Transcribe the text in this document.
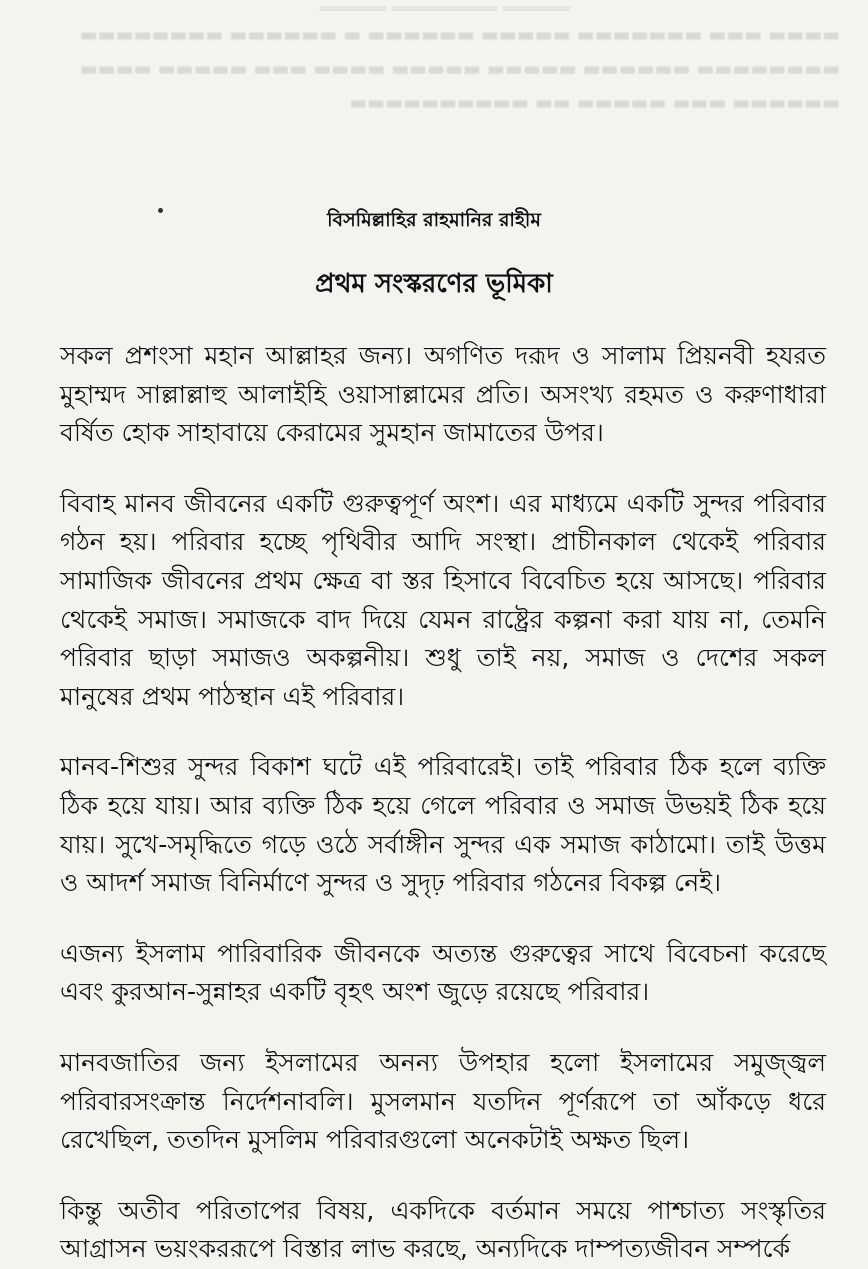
═══════ ═══════════ ═══════
▬▬▬▬ ▬▬▬ ▬▬▬▬▬▬▬ ▬▬▬▬▬ ▬▬▬▬▬▬ ▬ ▬▬▬▬▬▬ ▬▬▬▬▬▬▬▬
▬▬▬▬▬▬▬▬ ▬▬▬▬▬▬ ▬▬▬▬▬ ▬▬▬▬▬ ▬▬▬▬ ▬▬▬ ▬▬▬▬▬ ▬▬▬▬
▬▬▬▬▬▬ ▬▬▬ ▬▬▬▬▬ ▬▬ ▬▬▬▬▬▬▬▬▬▬
বিসমিল্লাহির রাহমানির রাহীম
প্রথম সংস্করণের ভূমিকা

সকল প্রশংসা মহান আল্লাহর জন্য। অগণিত দরূদ ও সালাম প্রিয়নবী হযরত মুহাম্মদ সাল্লাল্লাহু আলাইহি ওয়াসাল্লামের প্রতি। অসংখ্য রহমত ও করুণাধারা বর্ষিত হোক সাহাবায়ে কেরামের সুমহান জামাতের উপর।

বিবাহ মানব জীবনের একটি গুরুত্বপূর্ণ অংশ। এর মাধ্যমে একটি সুন্দর পরিবার গঠন হয়। পরিবার হচ্ছে পৃথিবীর আদি সংস্থা। প্রাচীনকাল থেকেই পরিবার সামাজিক জীবনের প্রথম ক্ষেত্র বা স্তর হিসাবে বিবেচিত হয়ে আসছে। পরিবার থেকেই সমাজ। সমাজকে বাদ দিয়ে যেমন রাষ্ট্রের কল্পনা করা যায় না, তেমনি পরিবার ছাড়া সমাজও অকল্পনীয়। শুধু তাই নয়, সমাজ ও দেশের সকল মানুষের প্রথম পাঠস্থান এই পরিবার।

মানব-শিশুর সুন্দর বিকাশ ঘটে এই পরিবারেই। তাই পরিবার ঠিক হলে ব্যক্তি ঠিক হয়ে যায়। আর ব্যক্তি ঠিক হয়ে গেলে পরিবার ও সমাজ উভয়ই ঠিক হয়ে যায়। সুখে-সমৃদ্ধিতে গড়ে ওঠে সর্বাঙ্গীন সুন্দর এক সমাজ কাঠামো। তাই উত্তম ও আদর্শ সমাজ বিনির্মাণে সুন্দর ও সুদৃঢ় পরিবার গঠনের বিকল্প নেই।

এজন্য ইসলাম পারিবারিক জীবনকে অত্যন্ত গুরুত্বের সাথে বিবেচনা করেছে এবং কুরআন-সুন্নাহর একটি বৃহৎ অংশ জুড়ে রয়েছে পরিবার।

মানবজাতির জন্য ইসলামের অনন্য উপহার হলো ইসলামের সমুজ্জ্বল পরিবারসংক্রান্ত নির্দেশনাবলি। মুসলমান যতদিন পূর্ণরূপে তা আঁকড়ে ধরে রেখেছিল, ততদিন মুসলিম পরিবারগুলো অনেকটাই অক্ষত ছিল।

কিন্তু অতীব পরিতাপের বিষয়, একদিকে বর্তমান সময়ে পাশ্চাত্য সংস্কৃতির আগ্রাসন ভয়ংকররূপে বিস্তার লাভ করছে, অন্যদিকে দাম্পত্যজীবন সম্পর্কে
